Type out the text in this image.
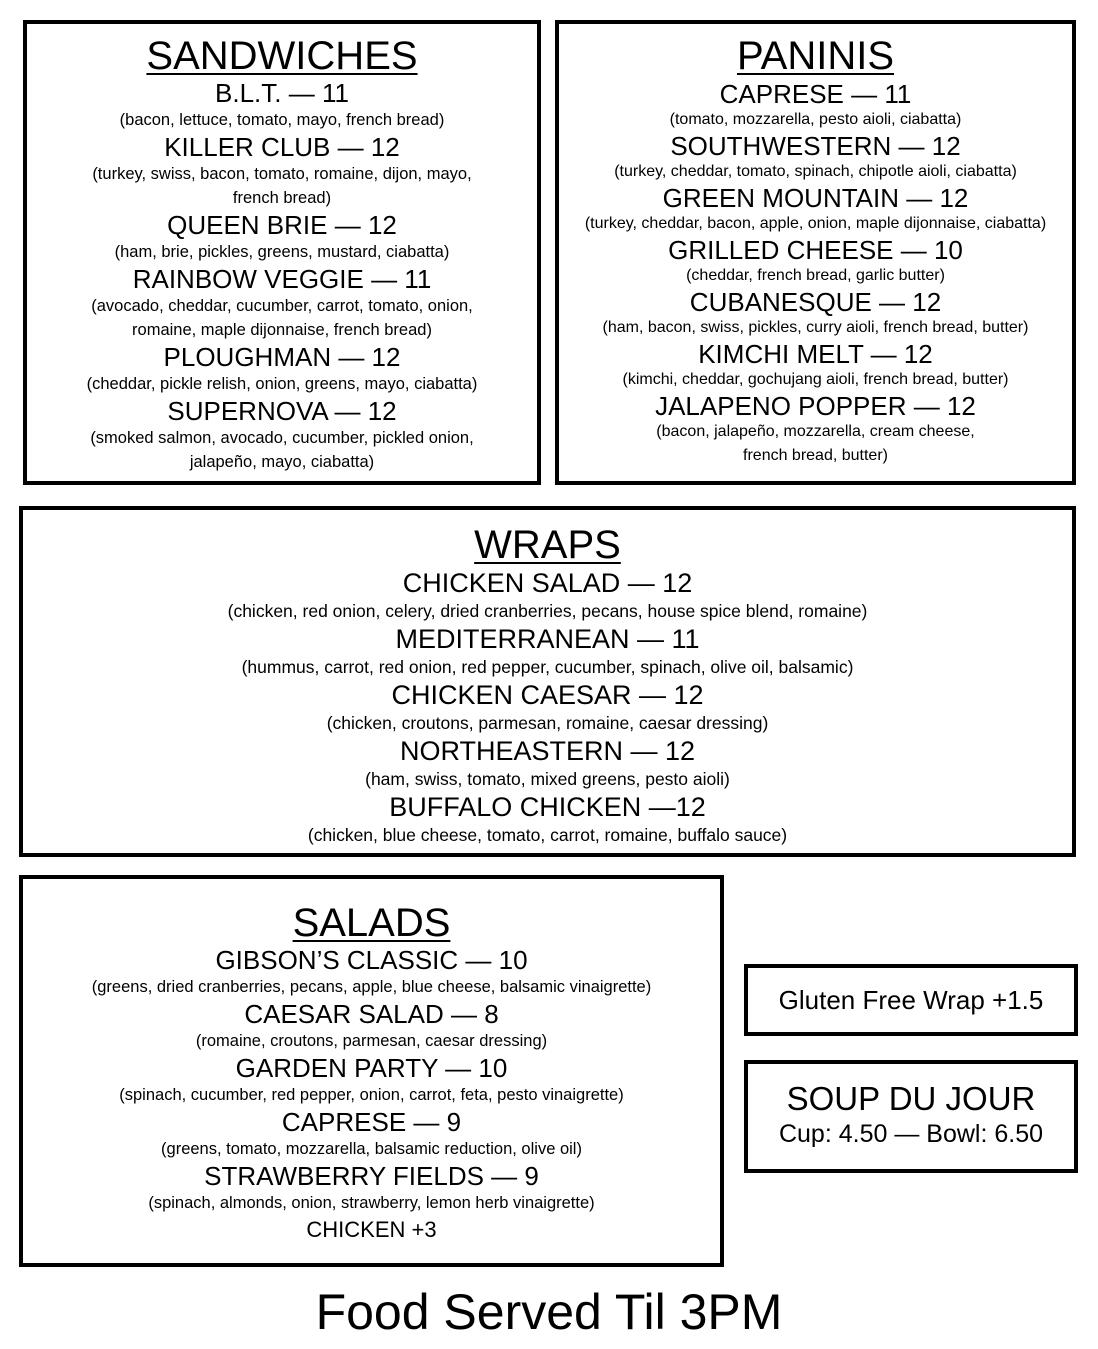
SANDWICHES
B.L.T. — 11
(bacon, lettuce, tomato, mayo, french bread)
KILLER CLUB — 12
(turkey, swiss, bacon, tomato, romaine, dijon, mayo,
french bread)
QUEEN BRIE — 12
(ham, brie, pickles, greens, mustard, ciabatta)
RAINBOW VEGGIE — 11
(avocado, cheddar, cucumber, carrot, tomato, onion,
romaine, maple dijonnaise, french bread)
PLOUGHMAN — 12
(cheddar, pickle relish, onion, greens, mayo, ciabatta)
SUPERNOVA — 12
(smoked salmon, avocado, cucumber, pickled onion,
jalapeño, mayo, ciabatta)
PANINIS
CAPRESE — 11
(tomato, mozzarella, pesto aioli, ciabatta)
SOUTHWESTERN — 12
(turkey, cheddar, tomato, spinach, chipotle aioli, ciabatta)
GREEN MOUNTAIN — 12
(turkey, cheddar, bacon, apple, onion, maple dijonnaise, ciabatta)
GRILLED CHEESE — 10
(cheddar, french bread, garlic butter)
CUBANESQUE — 12
(ham, bacon, swiss, pickles, curry aioli, french bread, butter)
KIMCHI MELT — 12
(kimchi, cheddar, gochujang aioli, french bread, butter)
JALAPENO POPPER — 12
(bacon, jalapeño, mozzarella, cream cheese,
french bread, butter)
WRAPS
CHICKEN SALAD — 12
(chicken, red onion, celery, dried cranberries, pecans, house spice blend, romaine)
MEDITERRANEAN — 11
(hummus, carrot, red onion, red pepper, cucumber, spinach, olive oil, balsamic)
CHICKEN CAESAR — 12
(chicken, croutons, parmesan, romaine, caesar dressing)
NORTHEASTERN — 12
(ham, swiss, tomato, mixed greens, pesto aioli)
BUFFALO CHICKEN —12
(chicken, blue cheese, tomato, carrot, romaine, buffalo sauce)
SALADS
GIBSON’S CLASSIC — 10
(greens, dried cranberries, pecans, apple, blue cheese, balsamic vinaigrette)
CAESAR SALAD — 8
(romaine, croutons, parmesan, caesar dressing)
GARDEN PARTY — 10
(spinach, cucumber, red pepper, onion, carrot, feta, pesto vinaigrette)
CAPRESE — 9
(greens, tomato, mozzarella, balsamic reduction, olive oil)
STRAWBERRY FIELDS — 9
(spinach, almonds, onion, strawberry, lemon herb vinaigrette)
CHICKEN +3
Gluten Free Wrap +1.5
SOUP DU JOUR
Cup: 4.50 — Bowl: 6.50
Food Served Til 3PM
